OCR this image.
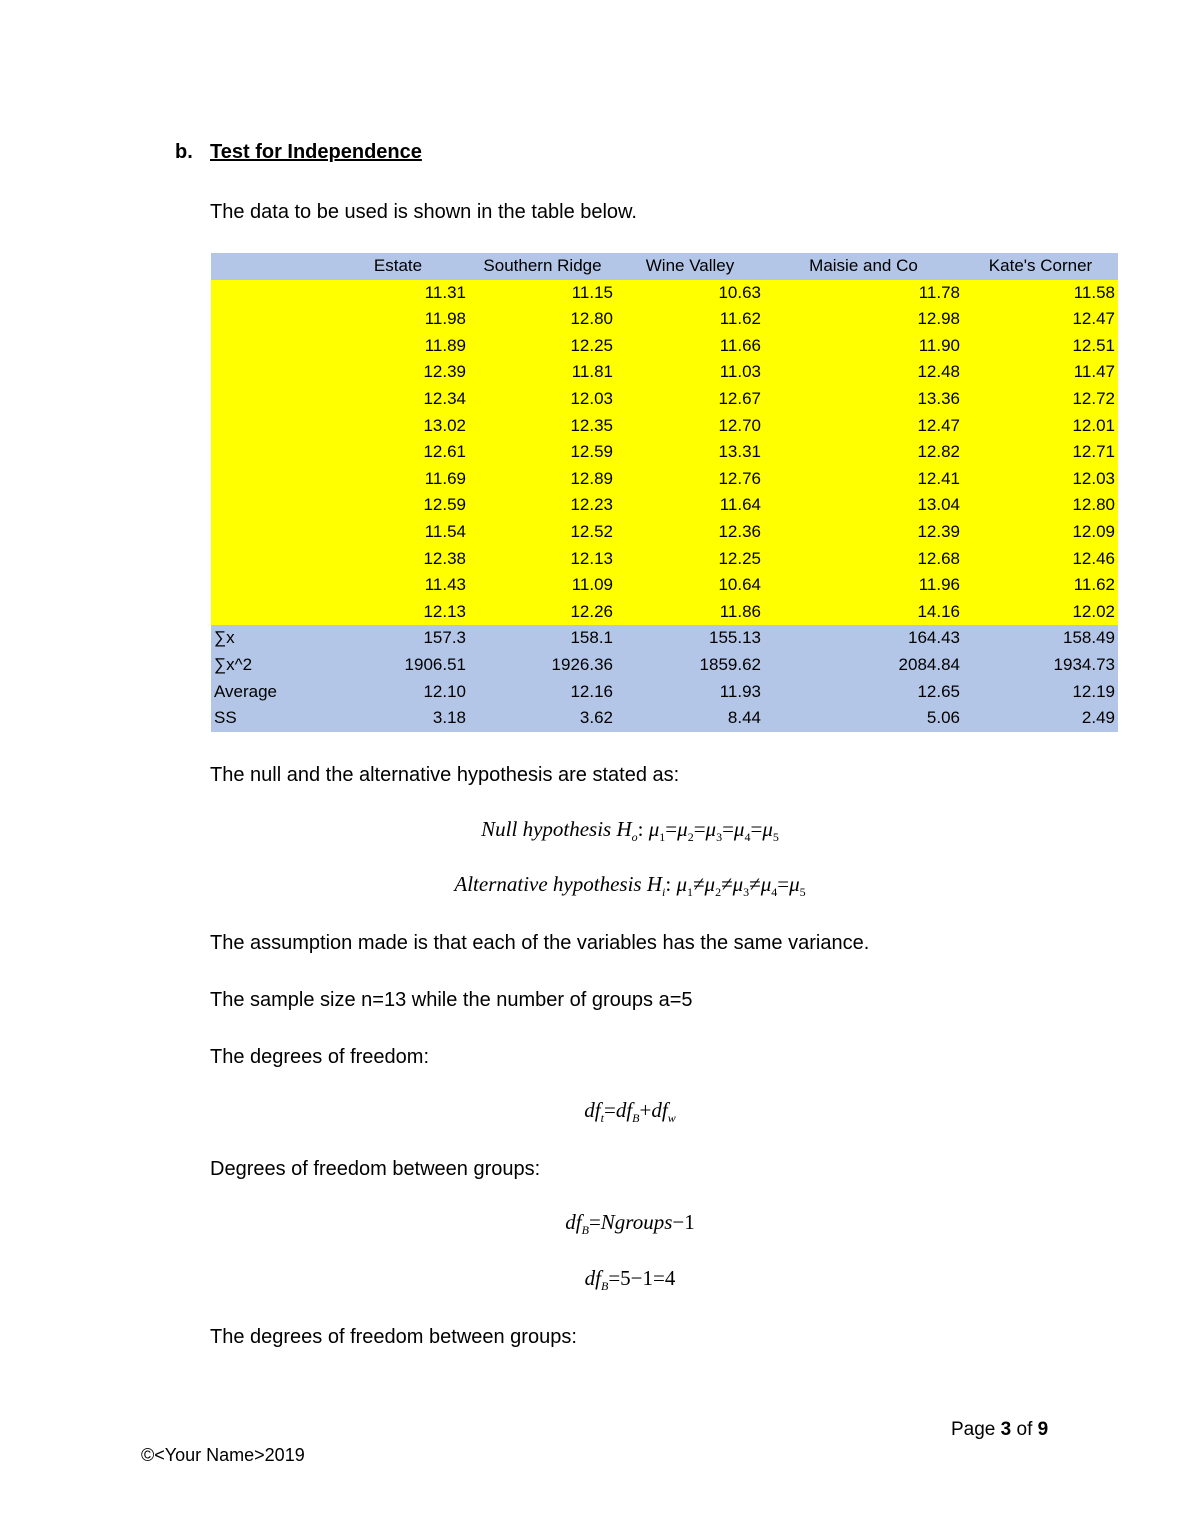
b. Test for Independence
The data to be used is shown in the table below.
	Estate	Southern Ridge	Wine Valley	Maisie and Co	Kate's Corner
	11.31	11.15	10.63	11.78	11.58
	11.98	12.80	11.62	12.98	12.47
	11.89	12.25	11.66	11.90	12.51
	12.39	11.81	11.03	12.48	11.47
	12.34	12.03	12.67	13.36	12.72
	13.02	12.35	12.70	12.47	12.01
	12.61	12.59	13.31	12.82	12.71
	11.69	12.89	12.76	12.41	12.03
	12.59	12.23	11.64	13.04	12.80
	11.54	12.52	12.36	12.39	12.09
	12.38	12.13	12.25	12.68	12.46
	11.43	11.09	10.64	11.96	11.62
	12.13	12.26	11.86	14.16	12.02
∑x	157.3	158.1	155.13	164.43	158.49
∑x^2	1906.51	1926.36	1859.62	2084.84	1934.73
Average	12.10	12.16	11.93	12.65	12.19
SS	3.18	3.62	8.44	5.06	2.49
The null and the alternative hypothesis are stated as:
Null hypothesis $H_o$: $\mu_1=\mu_2=\mu_3=\mu_4=\mu_5$
Alternative hypothesis $H_i$: $\mu_1\ne\mu_2\ne\mu_3\ne\mu_4=\mu_5$
The assumption made is that each of the variables has the same variance.
The sample size n=13 while the number of groups a=5
The degrees of freedom:
$df_t=df_B+df_w$
Degrees of freedom between groups:
$df_B=Ngroups-1$
$df_B=5-1=4$
The degrees of freedom between groups:
Page 3 of 9
©<Your Name>2019
